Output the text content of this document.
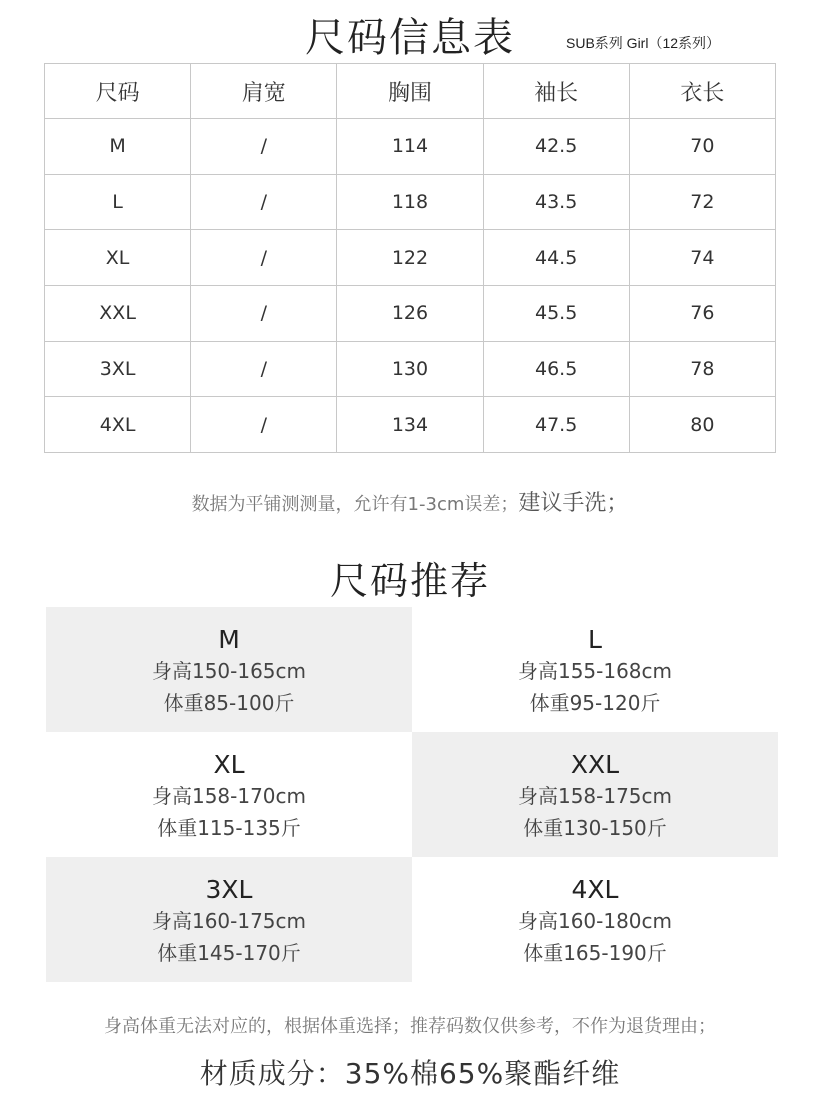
尺码信息表	SUB系列 Girl（12系列）
尺码	肩宽	胸围	袖长	衣长
M	/	114	42.5	70
L	/	118	43.5	72
XL	/	122	44.5	74
XXL	/	126	45.5	76
3XL	/	130	46.5	78
4XL	/	134	47.5	80
数据为平铺测测量，允许有1-3cm误差；建议手洗；
尺码推荐
M
身高150-165cm
体重85-100斤
L
身高155-168cm
体重95-120斤
XL
身高158-170cm
体重115-135斤
XXL
身高158-175cm
体重130-150斤
3XL
身高160-175cm
体重145-170斤
4XL
身高160-180cm
体重165-190斤
身高体重无法对应的，根据体重选择；推荐码数仅供参考，不作为退货理由；
材质成分：35%棉65%聚酯纤维
